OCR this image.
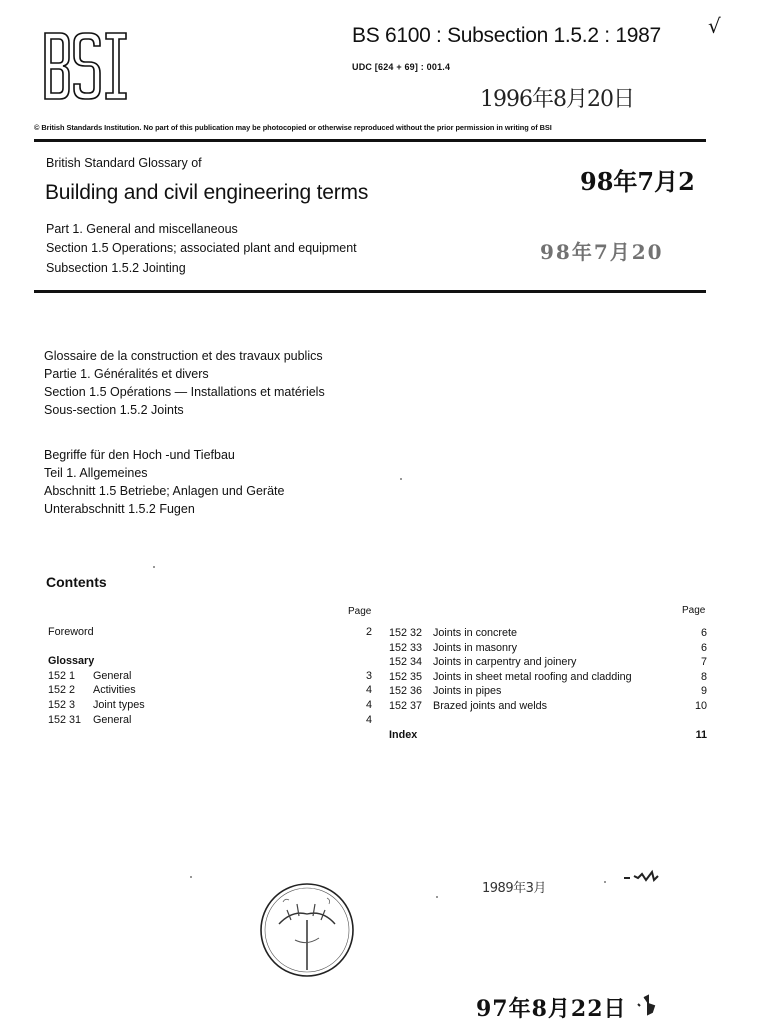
BS 6100 : Subsection 1.5.2 : 1987 √
UDC [624 + 69] : 001.4
1996年8月20日
© British Standards Institution. No part of this publication may be photocopied or otherwise reproduced without the prior permission in writing of BSI
British Standard Glossary of
Building and civil engineering terms
Part 1. General and miscellaneous
Section 1.5 Operations; associated plant and equipment
Subsection 1.5.2 Jointing
98年7月2
98年7月20
Glossaire de la construction et des travaux publics
Partie 1. Généralités et divers
Section 1.5 Opérations — Installations et matériels
Sous-section 1.5.2 Joints
Begriffe für den Hoch -und Tiefbau
Teil 1. Allgemeines
Abschnitt 1.5 Betriebe; Anlagen und Geräte
Unterabschnitt 1.5.2 Fugen
Contents
Page	Page
Foreword	2

Glossary
152 1	General	3
152 2	Activities	4
152 3	Joint types	4
152 31	General	4
152 32	Joints in concrete	6
152 33	Joints in masonry	6
152 34	Joints in carpentry and joinery	7
152 35	Joints in sheet metal roofing and cladding	8
152 36	Joints in pipes	9
152 37	Brazed joints and welds	10

Index	11
1989年3月
97年8月22日
